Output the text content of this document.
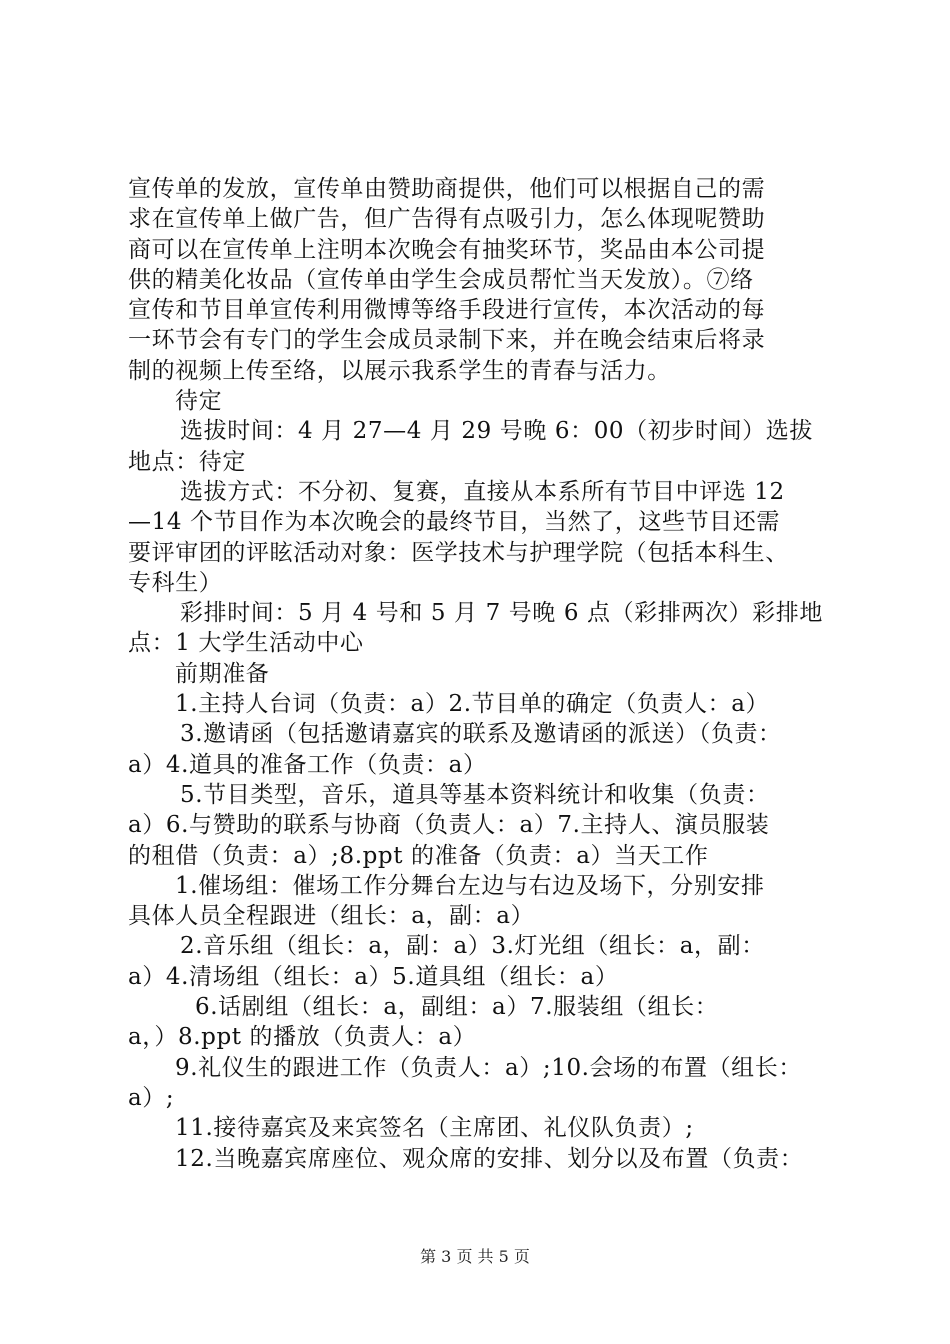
宣传单的发放，宣传单由赞助商提供，他们可以根据自己的需
求在宣传单上做广告，但广告得有点吸引力，怎么体现呢赞助
商可以在宣传单上注明本次晚会有抽奖环节，奖品由本公司提
供的精美化妆品（宣传单由学生会成员帮忙当天发放）。⑦络
宣传和节目单宣传利用微博等络手段进行宣传，本次活动的每
一环节会有专门的学生会成员录制下来，并在晚会结束后将录
制的视频上传至络，以展示我系学生的青春与活力。
待定
选拔时间：4 月 27—4 月 29 号晚 6：00（初步时间）选拔
地点：待定
选拔方式：不分初、复赛，直接从本系所有节目中评选 12
—14 个节目作为本次晚会的最终节目，当然了，这些节目还需
要评审团的评眩活动对象：医学技术与护理学院（包括本科生、
专科生）
彩排时间：5 月 4 号和 5 月 7 号晚 6 点（彩排两次）彩排地
点：1 大学生活动中心
前期准备
1.主持人台词（负责：a）2.节目单的确定（负责人：a）
3.邀请函（包括邀请嘉宾的联系及邀请函的派送）（负责：
a）4.道具的准备工作（负责：a）
5.节目类型，音乐，道具等基本资料统计和收集（负责：
a）6.与赞助的联系与协商（负责人：a）7.主持人、演员服装
的租借（负责：a）;8.ppt 的准备（负责：a）当天工作
1.催场组：催场工作分舞台左边与右边及场下，分别安排
具体人员全程跟进（组长：a，副：a）
2.音乐组（组长：a，副：a）3.灯光组（组长：a，副：
a）4.清场组（组长：a）5.道具组（组长：a）
6.话剧组（组长：a，副组：a）7.服装组（组长：
a，）8.ppt 的播放（负责人：a）
9.礼仪生的跟进工作（负责人：a）;10.会场的布置（组长：
a）;
11.接待嘉宾及来宾签名（主席团、礼仪队负责）;
12.当晚嘉宾席座位、观众席的安排、划分以及布置（负责：
第 3 页 共 5 页
